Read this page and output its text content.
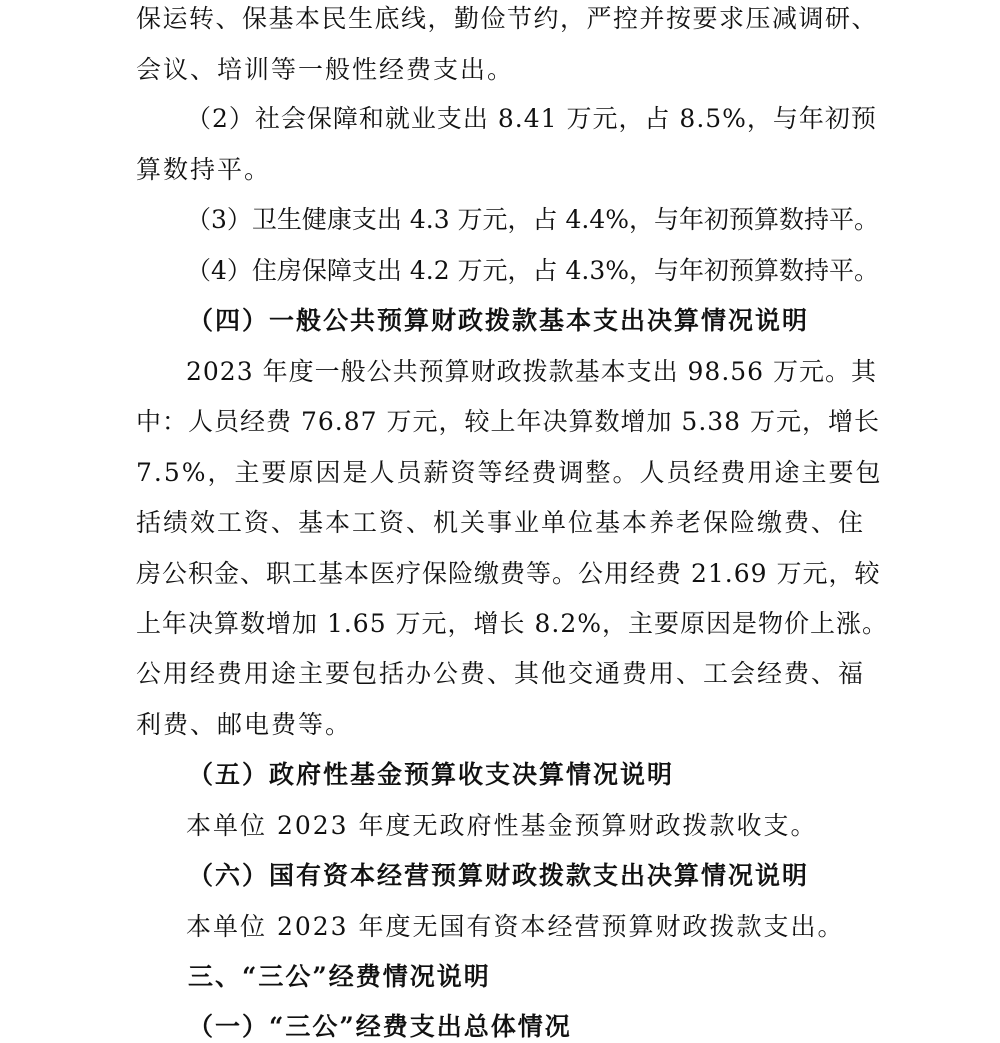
保运转、保基本民生底线，勤俭节约，严控并按要求压减调研、
会议、培训等一般性经费支出。
（2）社会保障和就业支出 8.41 万元，占 8.5%，与年初预
算数持平。
（3）卫生健康支出 4.3 万元，占 4.4%，与年初预算数持平。
（4）住房保障支出 4.2 万元，占 4.3%，与年初预算数持平。
（四）一般公共预算财政拨款基本支出决算情况说明
2023 年度一般公共预算财政拨款基本支出 98.56 万元。其
中：人员经费 76.87 万元，较上年决算数增加 5.38 万元，增长
7.5%，主要原因是人员薪资等经费调整。人员经费用途主要包
括绩效工资、基本工资、机关事业单位基本养老保险缴费、住
房公积金、职工基本医疗保险缴费等。公用经费 21.69 万元，较
上年决算数增加 1.65 万元，增长 8.2%，主要原因是物价上涨。
公用经费用途主要包括办公费、其他交通费用、工会经费、福
利费、邮电费等。
（五）政府性基金预算收支决算情况说明
本单位 2023 年度无政府性基金预算财政拨款收支。
（六）国有资本经营预算财政拨款支出决算情况说明
本单位 2023 年度无国有资本经营预算财政拨款支出。
三、“三公”经费情况说明
（一）“三公”经费支出总体情况
